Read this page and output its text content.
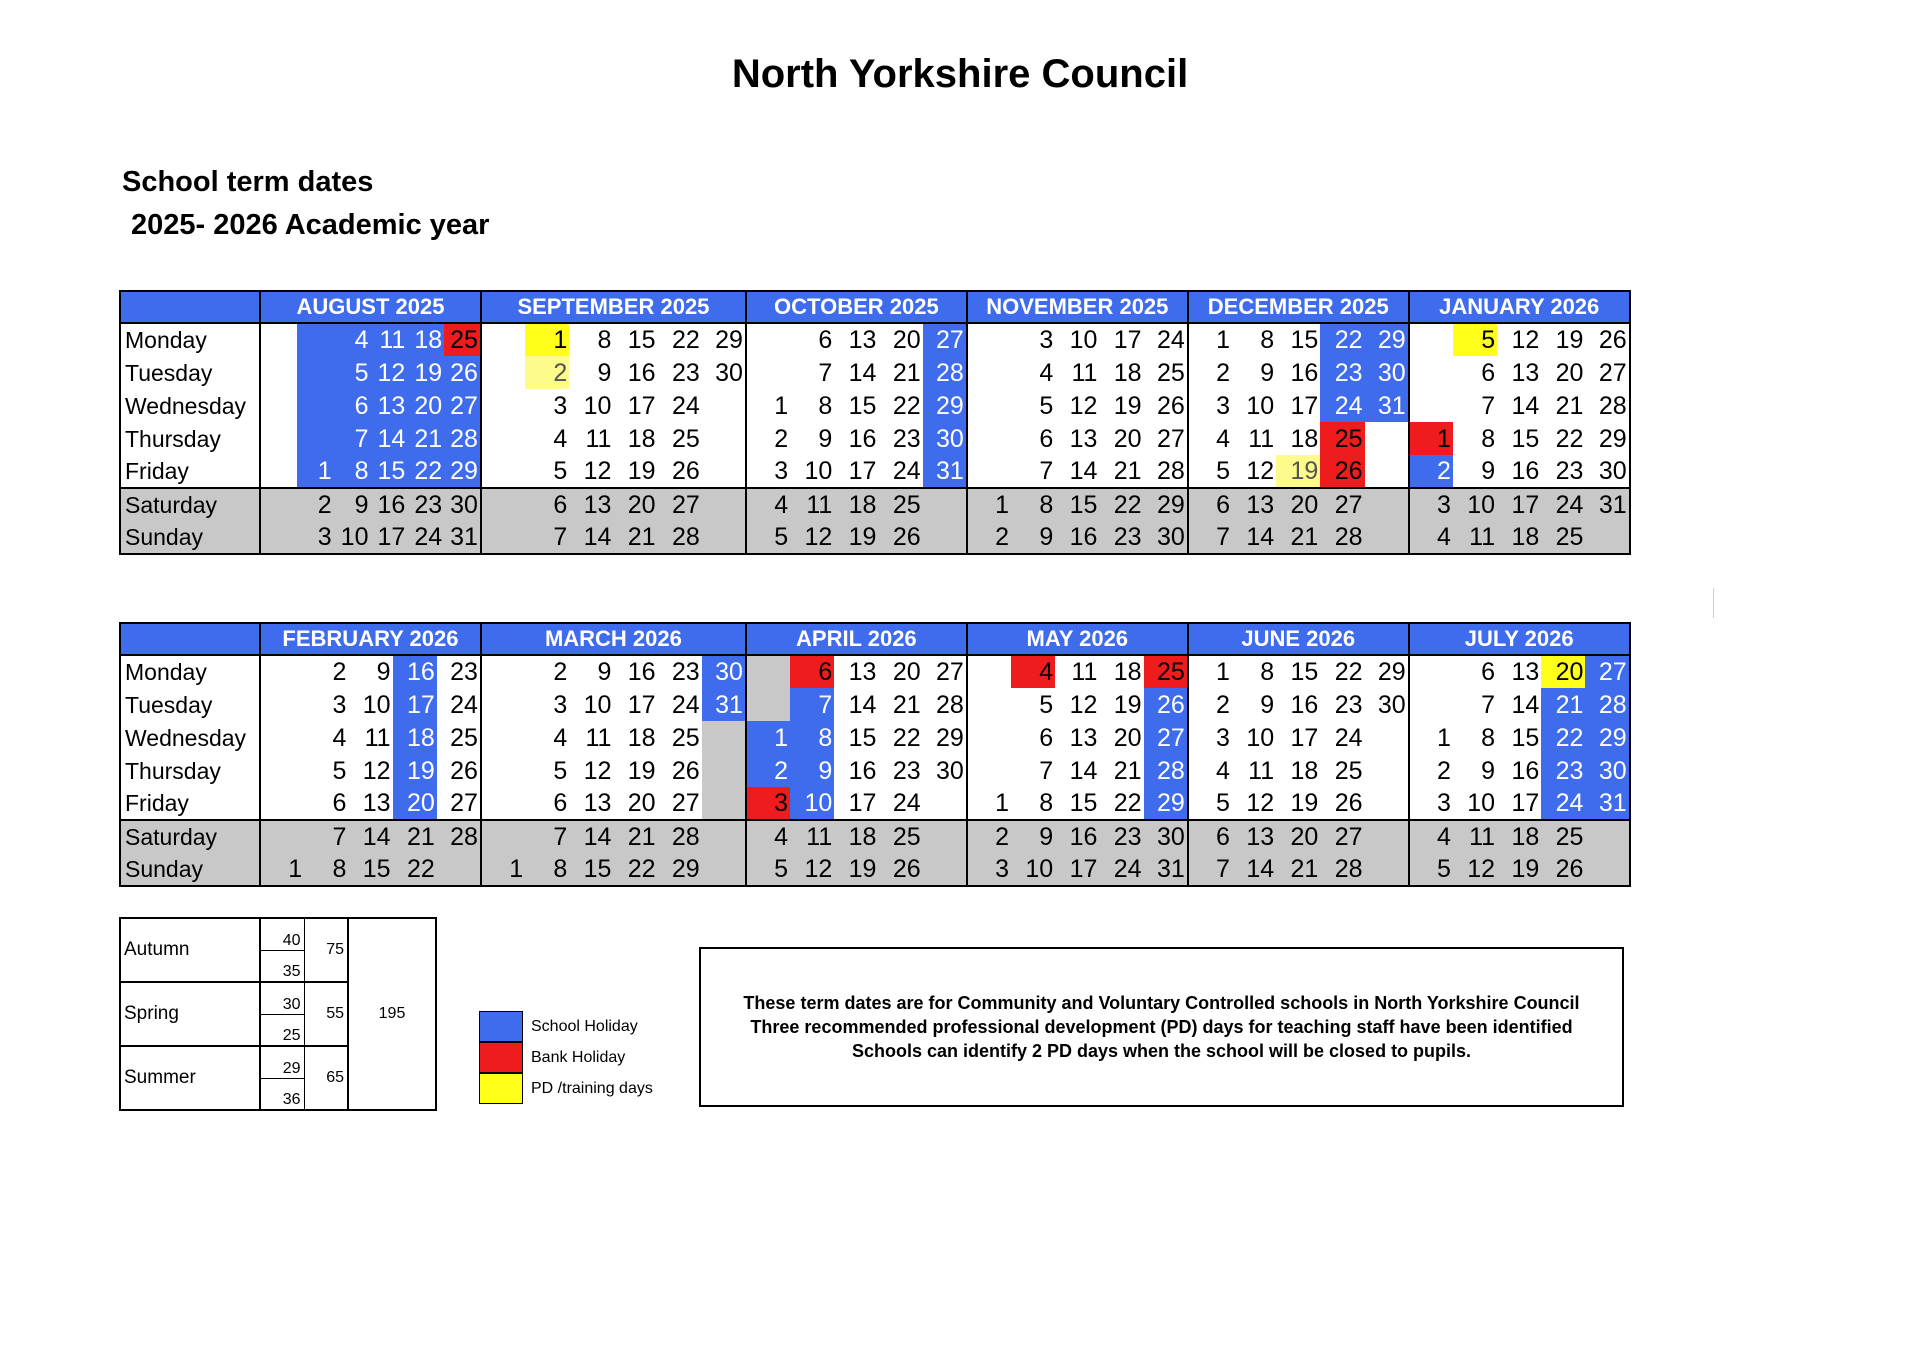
North Yorkshire Council
School term dates
2025- 2026 Academic year
	AUGUST 2025						SEPTEMBER 2025						OCTOBER 2025					NOVEMBER 2025					DECEMBER 2025					JANUARY 2026				
Monday			4	11	18	25		1	8	15	22	29		6	13	20	27		3	10	17	24	1	8	15	22	29		5	12	19	26
Tuesday			5	12	19	26		2	9	16	23	30		7	14	21	28		4	11	18	25	2	9	16	23	30		6	13	20	27
Wednesday			6	13	20	27		3	10	17	24		1	8	15	22	29		5	12	19	26	3	10	17	24	31		7	14	21	28
Thursday			7	14	21	28		4	11	18	25		2	9	16	23	30		6	13	20	27	4	11	18	25		1	8	15	22	29
Friday		1	8	15	22	29		5	12	19	26		3	10	17	24	31		7	14	21	28	5	12	19	26		2	9	16	23	30
Saturday		2	9	16	23	30		6	13	20	27		4	11	18	25		1	8	15	22	29	6	13	20	27		3	10	17	24	31
Sunday		3	10	17	24	31		7	14	21	28		5	12	19	26		2	9	16	23	30	7	14	21	28		4	11	18	25	
	FEBRUARY 2026					MARCH 2026						APRIL 2026					MAY 2026					JUNE 2026					JULY 2026				
Monday		2	9	16	23		2	9	16	23	30		6	13	20	27		4	11	18	25	1	8	15	22	29		6	13	20	27
Tuesday		3	10	17	24		3	10	17	24	31		7	14	21	28		5	12	19	26	2	9	16	23	30		7	14	21	28
Wednesday		4	11	18	25		4	11	18	25		1	8	15	22	29		6	13	20	27	3	10	17	24		1	8	15	22	29
Thursday		5	12	19	26		5	12	19	26		2	9	16	23	30		7	14	21	28	4	11	18	25		2	9	16	23	30
Friday		6	13	20	27		6	13	20	27		3	10	17	24		1	8	15	22	29	5	12	19	26		3	10	17	24	31
Saturday		7	14	21	28		7	14	21	28		4	11	18	25		2	9	16	23	30	6	13	20	27		4	11	18	25	
Sunday	1	8	15	22		1	8	15	22	29		5	12	19	26		3	10	17	24	31	7	14	21	28		5	12	19	26	
Autumn	40	75	195
	35		
Spring	30	55	
	25		
Summer	29	65	
	36		
School Holiday
Bank Holiday
PD /training days
These term dates are for Community and Voluntary Controlled schools in North Yorkshire Council
Three recommended professional development (PD) days for teaching staff have been identified
Schools can identify 2 PD days when the school will be closed to pupils.
